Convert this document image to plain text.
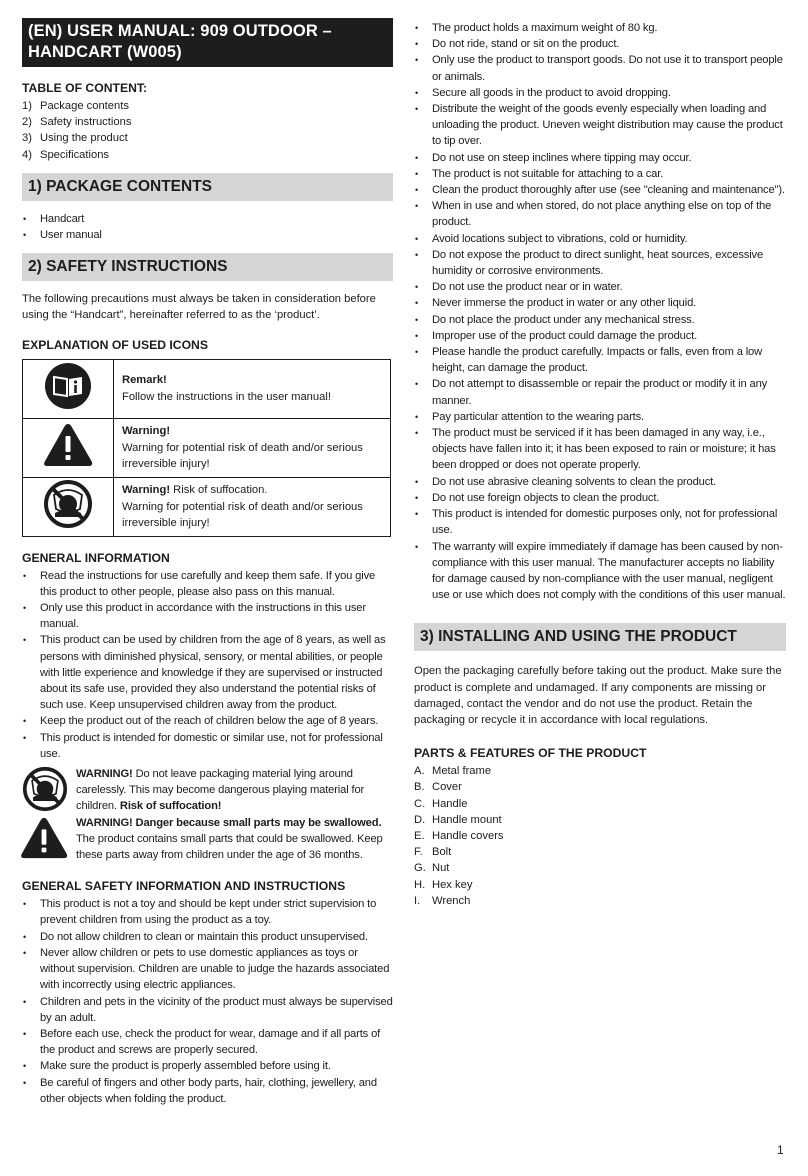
(EN) USER MANUAL: 909 OUTDOOR – HANDCART (W005)
TABLE OF CONTENT:
1) Package contents
2) Safety instructions
3) Using the product
4) Specifications
1) PACKAGE CONTENTS
• Handcart
• User manual
2) SAFETY INSTRUCTIONS

The following precautions must always be taken in consideration before using the “Handcart”, hereinafter referred to as the ‘product’.

EXPLANATION OF USED ICONS

Remark!
Follow the instructions in the user manual!

Warning!
Warning for potential risk of death and/or serious irreversible injury!

Warning! Risk of suffocation.
Warning for potential risk of death and/or serious irreversible injury!
GENERAL INFORMATION
• Read the instructions for use carefully and keep them safe. If you give this product to other people, please also pass on this manual.
• Only use this product in accordance with the instructions in this user manual.
• This product can be used by children from the age of 8 years, as well as persons with diminished physical, sensory, or mental abilities, or people with little experience and knowledge if they are supervised or instructed about its safe use, provided they also understand the potential risks of such use. Keep unsupervised children away from the product.
• Keep the product out of the reach of children below the age of 8 years.
• This product is intended for domestic or similar use, not for professional use.
WARNING! Do not leave packaging material lying around carelessly. This may become dangerous playing material for children. Risk of suffocation!
WARNING! Danger because small parts may be swallowed.
The product contains small parts that could be swallowed. Keep these parts away from children under the age of 36 months.
GENERAL SAFETY INFORMATION AND INSTRUCTIONS
• This product is not a toy and should be kept under strict supervision to prevent children from using the product as a toy.
• Do not allow children to clean or maintain this product unsupervised.
• Never allow children or pets to use domestic appliances as toys or without supervision. Children are unable to judge the hazards associated with incorrectly using electric appliances.
• Children and pets in the vicinity of the product must always be supervised by an adult.
• Before each use, check the product for wear, damage and if all parts of the product and screws are properly secured.
• Make sure the product is properly assembled before using it.
• Be careful of fingers and other body parts, hair, clothing, jewellery, and other objects when folding the product.
• The product holds a maximum weight of 80 kg.
• Do not ride, stand or sit on the product.
• Only use the product to transport goods. Do not use it to transport people or animals.
• Secure all goods in the product to avoid dropping.
• Distribute the weight of the goods evenly especially when loading and unloading the product. Uneven weight distribution may cause the product to tip over.
• Do not use on steep inclines where tipping may occur.
• The product is not suitable for attaching to a car.
• Clean the product thoroughly after use (see "cleaning and maintenance").
• When in use and when stored, do not place anything else on top of the product.
• Avoid locations subject to vibrations, cold or humidity.
• Do not expose the product to direct sunlight, heat sources, excessive humidity or corrosive environments.
• Do not use the product near or in water.
• Never immerse the product in water or any other liquid.
• Do not place the product under any mechanical stress.
• Improper use of the product could damage the product.
• Please handle the product carefully. Impacts or falls, even from a low height, can damage the product.
• Do not attempt to disassemble or repair the product or modify it in any manner.
• Pay particular attention to the wearing parts.
• The product must be serviced if it has been damaged in any way, i.e., objects have fallen into it; it has been exposed to rain or moisture; it has been dropped or does not operate properly.
• Do not use abrasive cleaning solvents to clean the product.
• Do not use foreign objects to clean the product.
• This product is intended for domestic purposes only, not for professional use.
• The warranty will expire immediately if damage has been caused by non-compliance with this user manual. The manufacturer accepts no liability for damage caused by non-compliance with the user manual, negligent use or use which does not comply with the conditions of this user manual.
3) INSTALLING AND USING THE PRODUCT

Open the packaging carefully before taking out the product. Make sure the product is complete and undamaged. If any components are missing or damaged, contact the vendor and do not use the product. Retain the packaging or recycle it in accordance with local regulations.

PARTS & FEATURES OF THE PRODUCT
A. Metal frame
B. Cover
C. Handle
D. Handle mount
E. Handle covers
F. Bolt
G. Nut
H. Hex key
I.	Wrench
1
